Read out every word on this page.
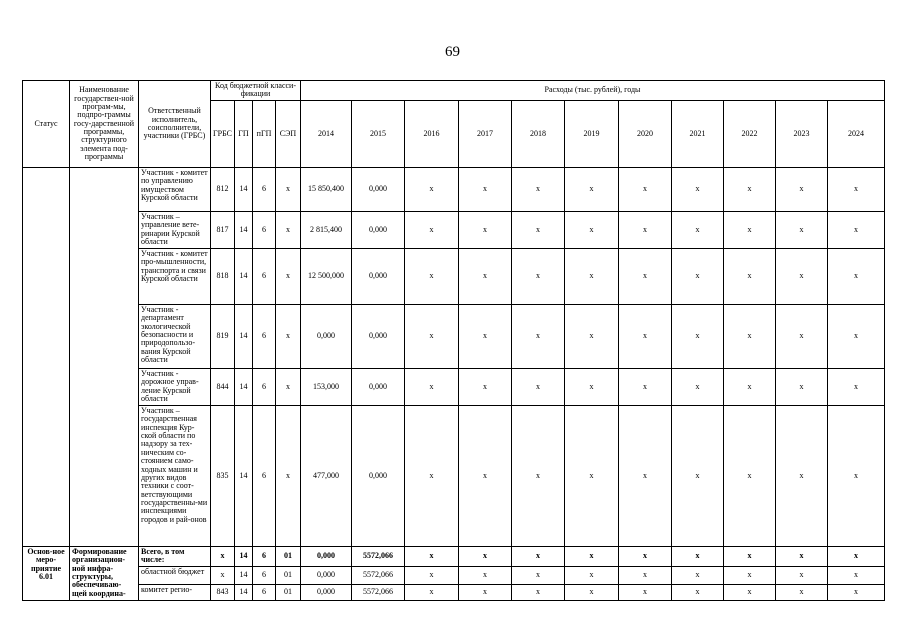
69
Статус	Наименование государствен-ной програм-мы, подпро-граммы госу-дарственной программы, структурного элемента под-программы	Ответственный исполнитель, соисполнители, участники (ГРБС)	Код бюджетной класси-фикации				Расходы (тыс. рублей), годы										
			ГРБС	ГП	пГП	СЭП	2014	2015	2016	2017	2018	2019	2020	2021	2022	2023	2024
		Участник - комитет по управлению имуществом Курской области	812	14	6	х	15 850,400	0,000	х	х	х	х	х	х	х	х	х
		Участник – управление вете-ринарии Курской области	817	14	6	х	2 815,400	0,000	х	х	х	х	х	х	х	х	х
		Участник - комитет про-мышленности, транспорта и связи Курской области	818	14	6	х	12 500,000	0,000	х	х	х	х	х	х	х	х	х
		Участник - департамент экологической безопасности и природопользо-вания Курской области	819	14	6	х	0,000	0,000	х	х	х	х	х	х	х	х	х
		Участник - дорожное управ-ление Курской области	844	14	6	х	153,000	0,000	х	х	х	х	х	х	х	х	х
		Участник – государственная инспекция Кур-ской области по надзору за тех-ническим со-стоянием само-ходных машин и других видов техники с соот-ветствующими государственны-ми инспекциями городов и рай-онов	835	14	6	х	477,000	0,000	х	х	х	х	х	х	х	х	х
Основ-ное меро-приятие 6.01	Формирование организацион-ной инфра-структуры, обеспечиваю-щей координа-	Всего, в том числе:	х	14	6	01	0,000	5572,066	х	х	х	х	х	х	х	х	х
		областной бюджет	х	14	6	01	0,000	5572,066	х	х	х	х	х	х	х	х	х
		комитет регио-	843	14	6	01	0,000	5572,066	х	х	х	х	х	х	х	х	х
